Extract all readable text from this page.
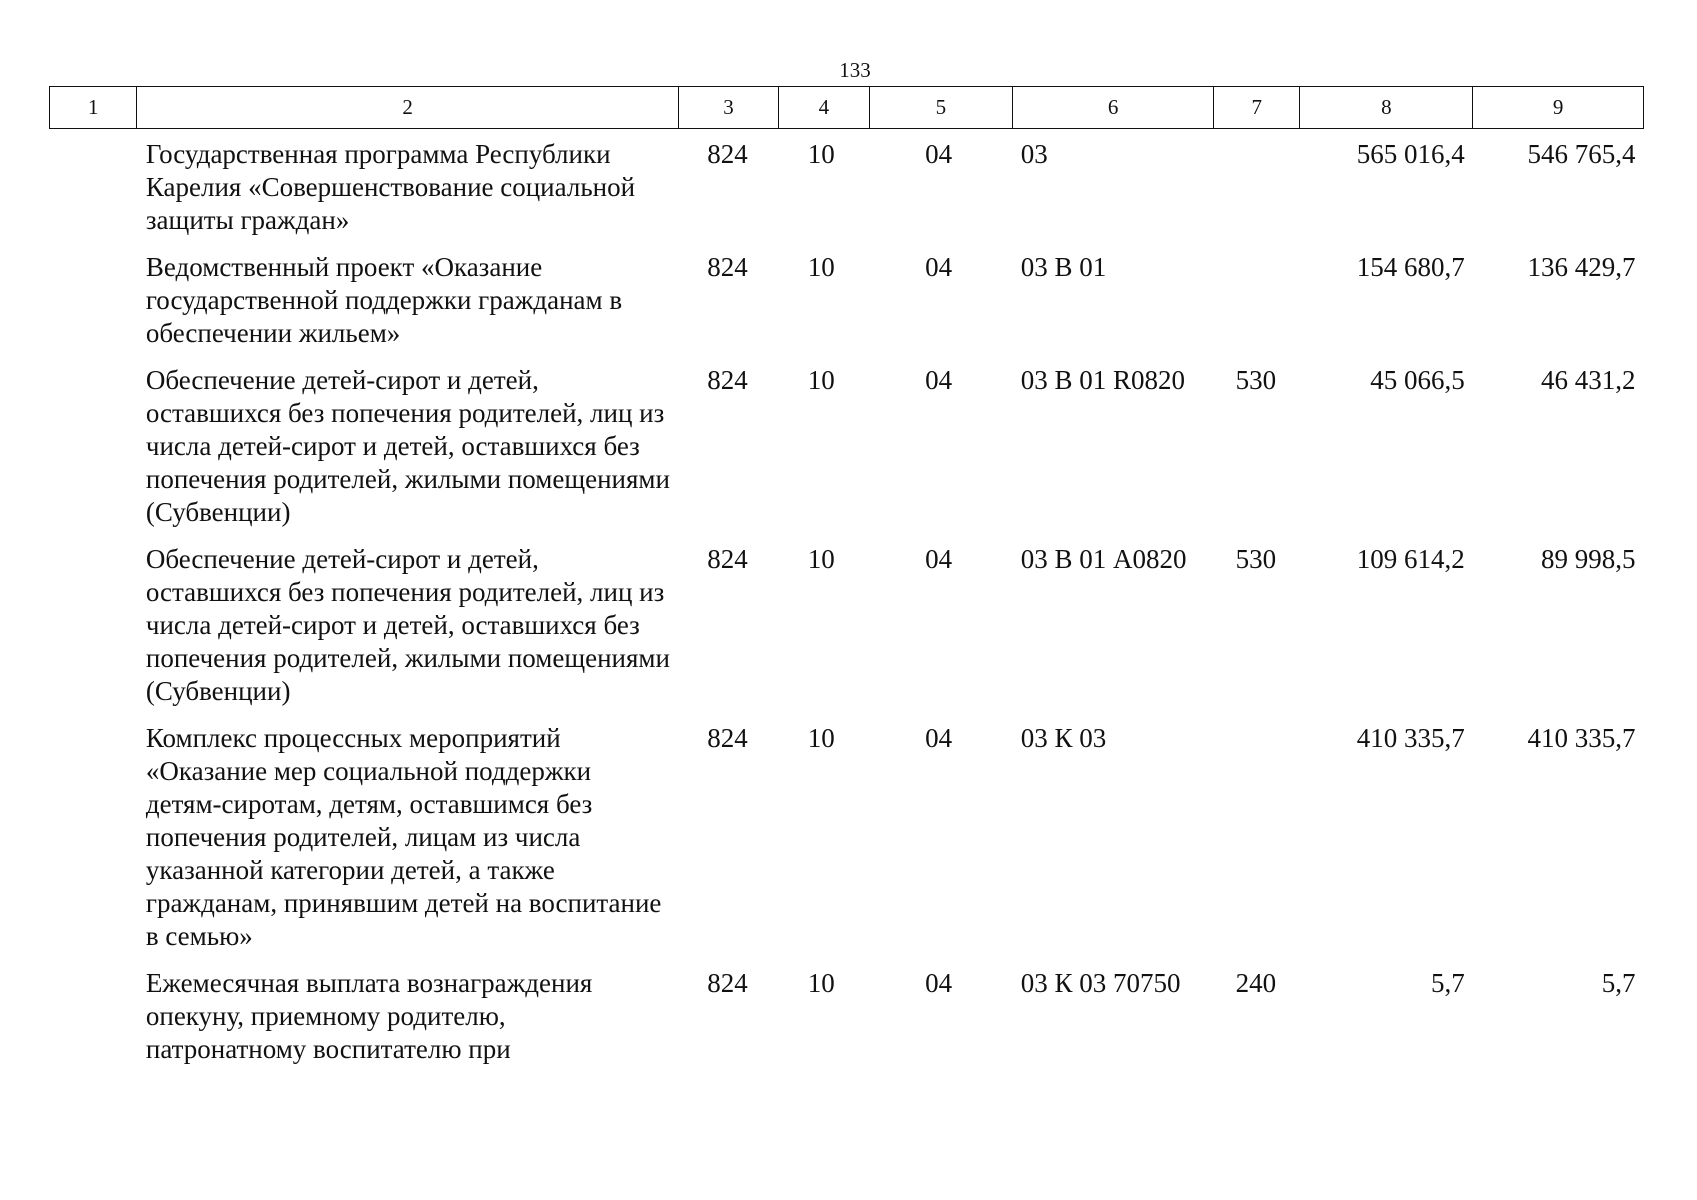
133
1	2	3	4	5	6	7	8	9
	Государственная программа Республики Карелия «Совершенствование социальной защиты граждан»	824	10	04	03		565 016,4	546 765,4
	Ведомственный проект «Оказание государственной поддержки гражданам в обеспечении жильем»	824	10	04	03 В 01		154 680,7	136 429,7
	Обеспечение детей-сирот и детей, оставшихся без попечения родителей, лиц из числа детей-сирот и детей, оставшихся без попечения родителей, жилыми помещениями (Субвенции)	824	10	04	03 В 01 R0820	530	45 066,5	46 431,2
	Обеспечение детей-сирот и детей, оставшихся без попечения родителей, лиц из числа детей-сирот и детей, оставшихся без попечения родителей, жилыми помещениями (Субвенции)	824	10	04	03 В 01 А0820	530	109 614,2	89 998,5
	Комплекс процессных мероприятий «Оказание мер социальной поддержки детям-сиротам, детям, оставшимся без попечения родителей, лицам из числа указанной категории детей, а также гражданам, принявшим детей на воспитание в семью»	824	10	04	03 К 03		410 335,7	410 335,7
	Ежемесячная выплата вознаграждения опекуну, приемному родителю, патронатному воспитателю при	824	10	04	03 К 03 70750	240	5,7	5,7
